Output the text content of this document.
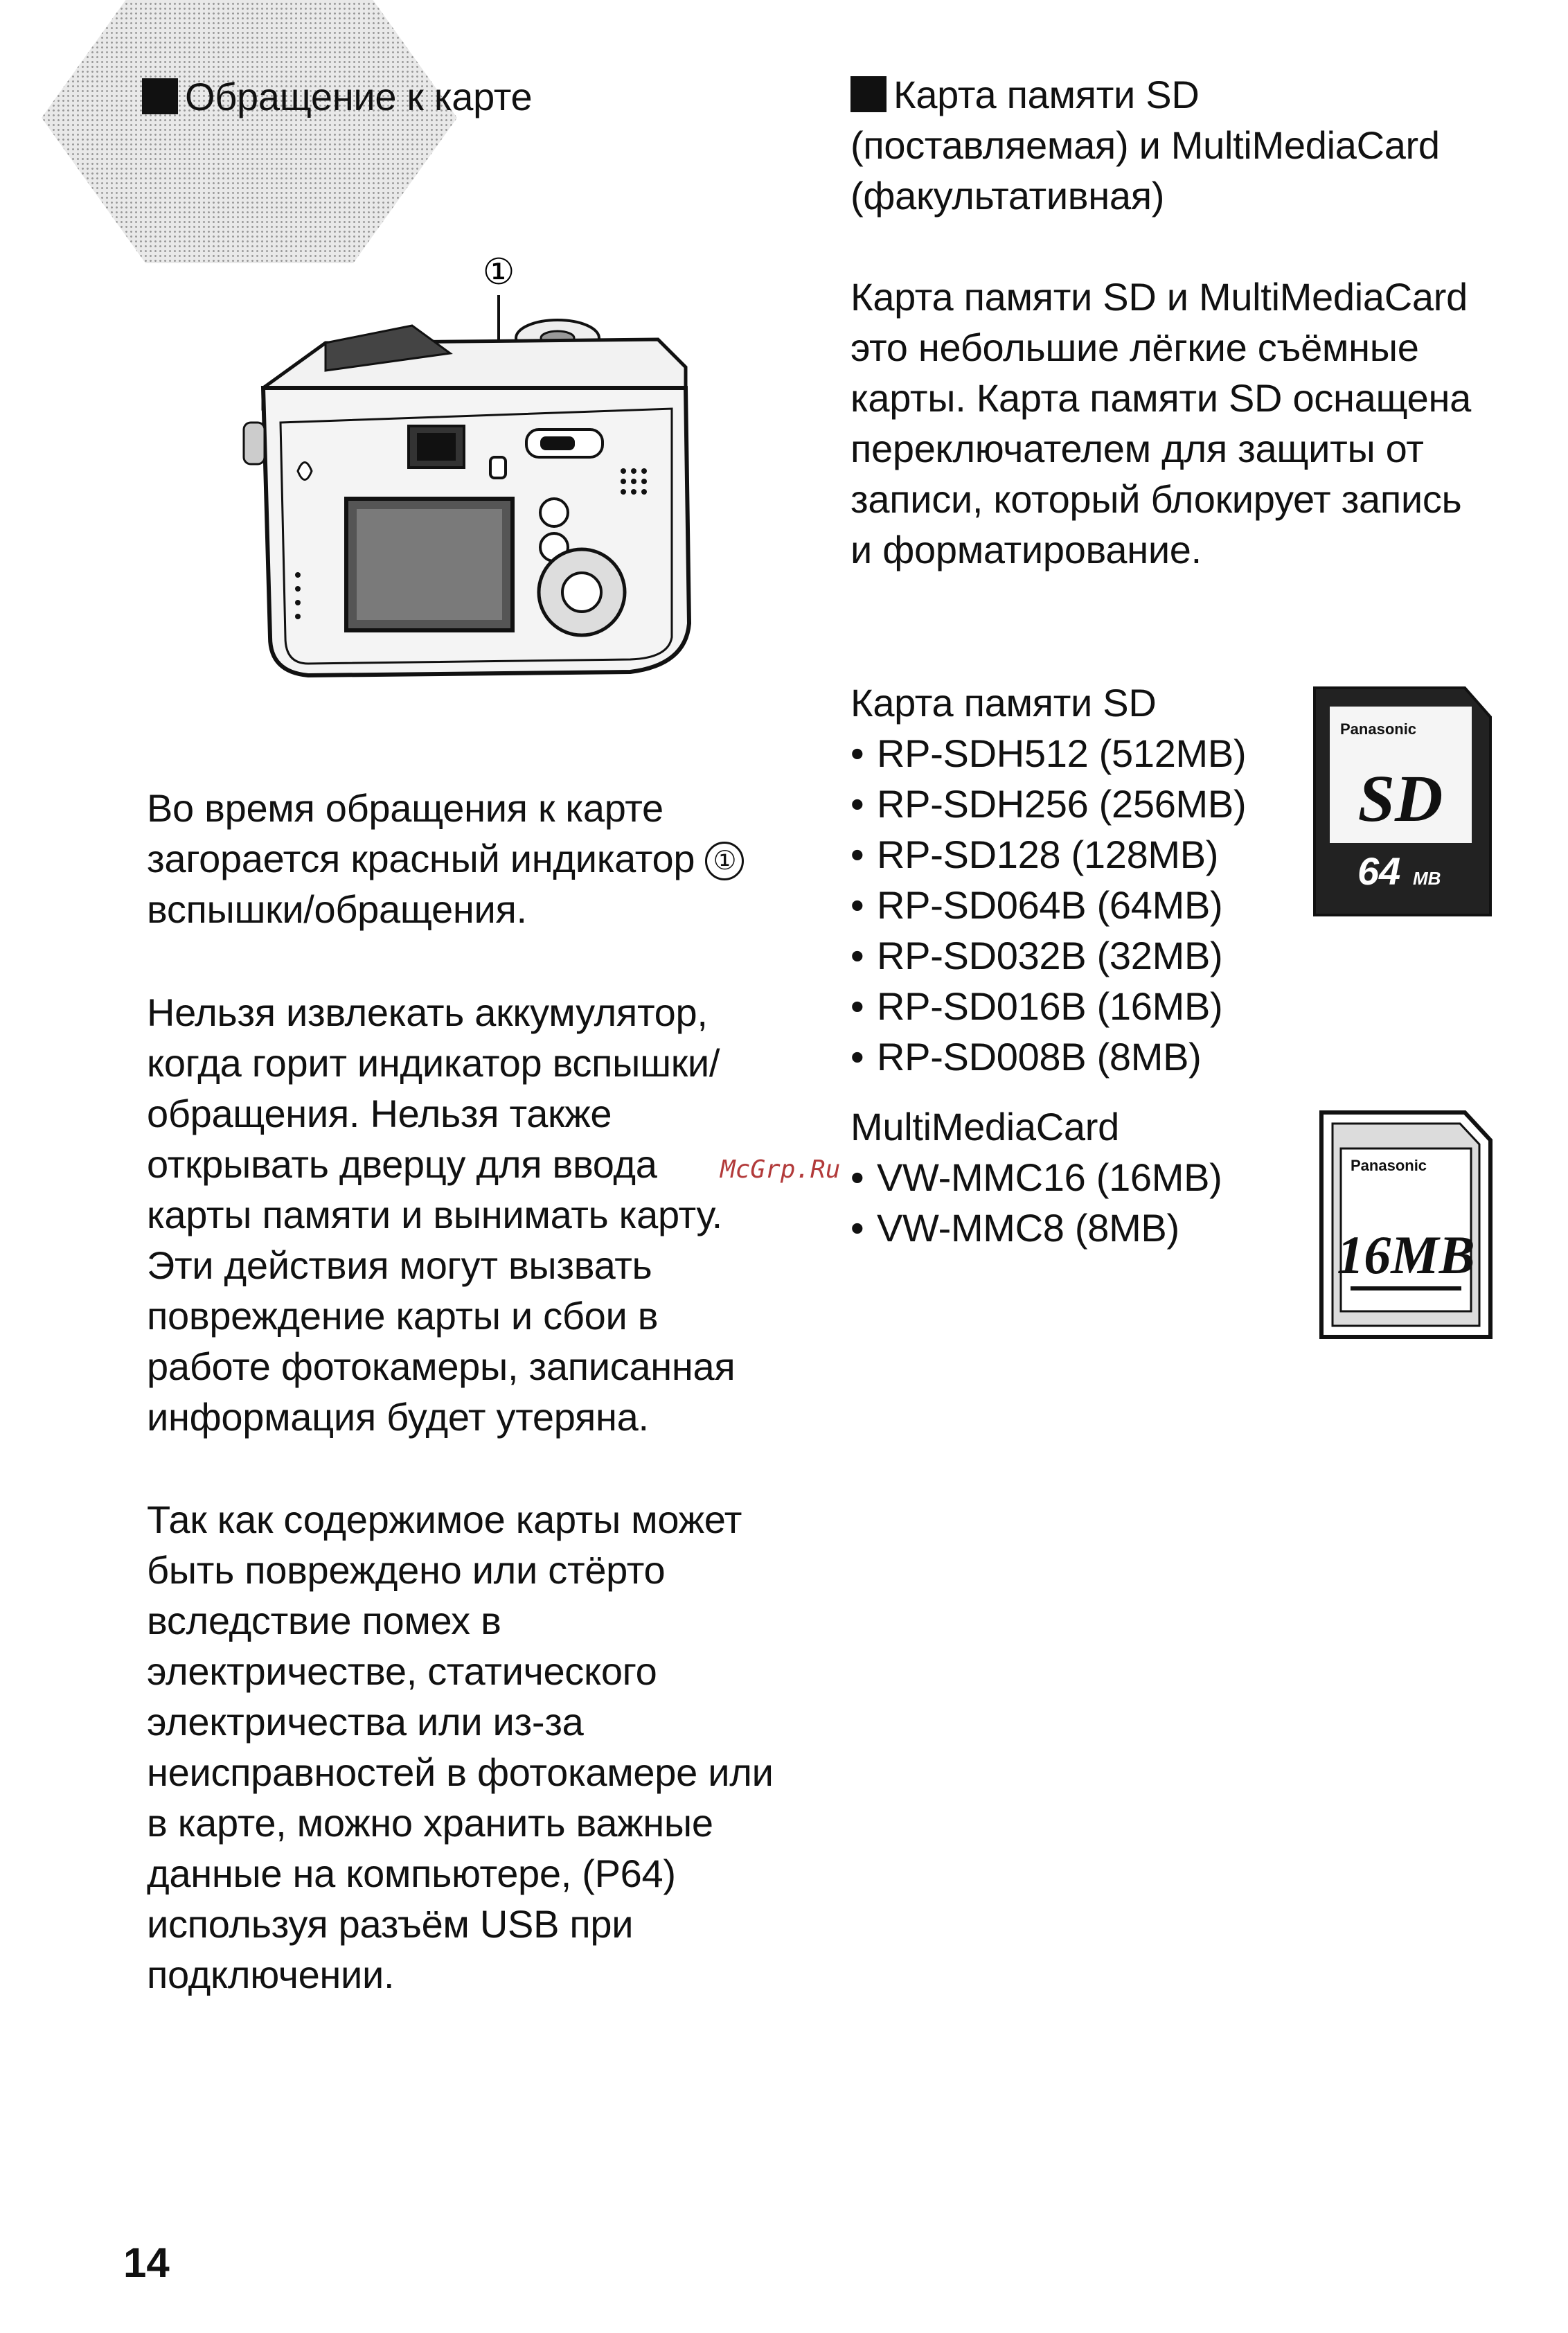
Обращение к карте
①
Во время обращения к карте
загорается красный индикатор ①
вспышки/обращения.
Нельзя извлекать аккумулятор,
когда горит индикатор вспышки/
обращения. Нельзя также
открывать дверцу для ввода
карты памяти и вынимать карту.
Эти действия могут вызвать
повреждение карты и сбои в
работе фотокамеры, записанная
информация будет утеряна.
Так как содержимое карты может
быть повреждено или стёрто
вследствие помех в
электричестве, статического
электричества или из-за
неисправностей в фотокамере или
в карте, можно хранить важные
данные на компьютере, (P64)
используя разъём USB при
подключении.
Карта памяти SD
(поставляемая) и MultiMediaCard
(факультативная)
Карта памяти SD и MultiMediaCard
это небольшие лёгкие съёмные
карты. Карта памяти SD оснащена
переключателем для защиты от
записи, который блокирует запись
и форматирование.
Карта памяти SD
• RP-SDH512 (512MB)
• RP-SDH256 (256MB)
• RP-SD128 (128MB)
• RP-SD064B (64MB)
• RP-SD032B (32MB)
• RP-SD016B (16MB)
• RP-SD008B (8MB)
Panasonic
SD
64 MB
MultiMediaCard
• VW-MMC16 (16MB)
• VW-MMC8 (8MB)
Panasonic
16MB
McGrp.Ru
14
